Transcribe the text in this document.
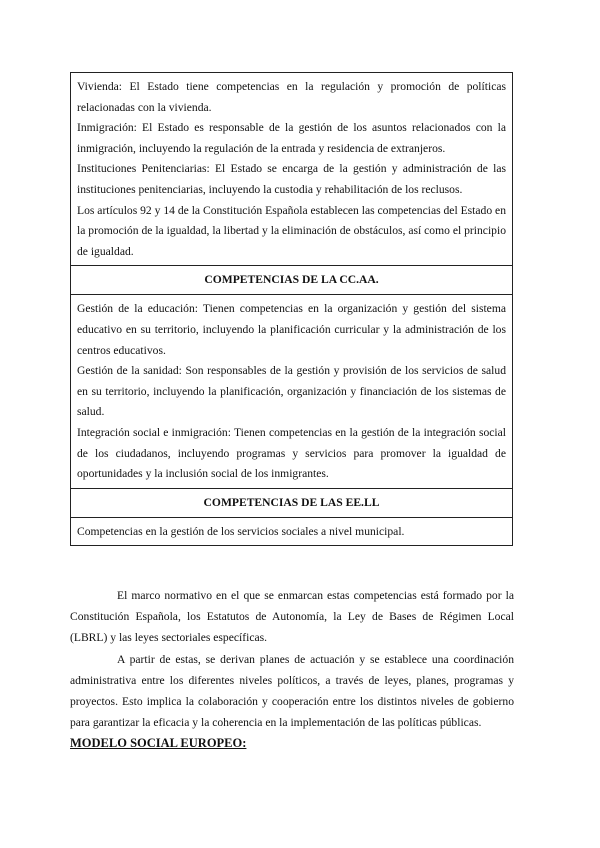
Vivienda: El Estado tiene competencias en la regulación y promoción de políticas relacionadas con la vivienda.
Inmigración: El Estado es responsable de la gestión de los asuntos relacionados con la inmigración, incluyendo la regulación de la entrada y residencia de extranjeros.
Instituciones Penitenciarias: El Estado se encarga de la gestión y administración de las instituciones penitenciarias, incluyendo la custodia y rehabilitación de los reclusos.
Los artículos 92 y 14 de la Constitución Española establecen las competencias del Estado en la promoción de la igualdad, la libertad y la eliminación de obstáculos, así como el principio de igualdad.

COMPETENCIAS DE LA CC.AA.

Gestión de la educación: Tienen competencias en la organización y gestión del sistema educativo en su territorio, incluyendo la planificación curricular y la administración de los centros educativos.
Gestión de la sanidad: Son responsables de la gestión y provisión de los servicios de salud en su territorio, incluyendo la planificación, organización y financiación de los sistemas de salud.
Integración social e inmigración: Tienen competencias en la gestión de la integración social de los ciudadanos, incluyendo programas y servicios para promover la igualdad de oportunidades y la inclusión social de los inmigrantes.

COMPETENCIAS DE LAS EE.LL

Competencias en la gestión de los servicios sociales a nivel municipal.

El marco normativo en el que se enmarcan estas competencias está formado por la Constitución Española, los Estatutos de Autonomía, la Ley de Bases de Régimen Local (LBRL) y las leyes sectoriales específicas.

A partir de estas, se derivan planes de actuación y se establece una coordinación administrativa entre los diferentes niveles políticos, a través de leyes, planes, programas y proyectos. Esto implica la colaboración y cooperación entre los distintos niveles de gobierno para garantizar la eficacia y la coherencia en la implementación de las políticas públicas.

MODELO SOCIAL EUROPEO:
